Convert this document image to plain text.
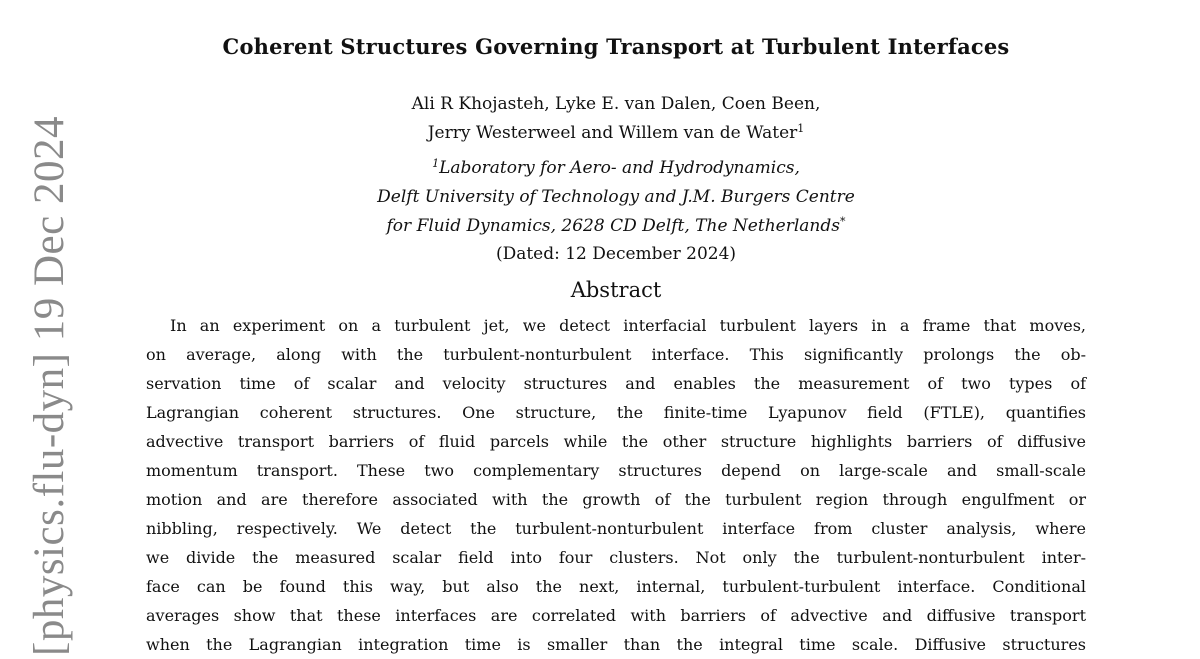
[physics.flu-dyn] 19 Dec 2024
Coherent Structures Governing Transport at Turbulent Interfaces
Ali R Khojasteh, Lyke E. van Dalen, Coen Been,
Jerry Westerweel and Willem van de Water$^1$
$^1$Laboratory for Aero- and Hydrodynamics,
Delft University of Technology and J.M. Burgers Centre
for Fluid Dynamics, 2628 CD Delft, The Netherlands*
(Dated: 12 December 2024)
Abstract
In an experiment on a turbulent jet, we detect interfacial turbulent layers in a frame that moves,
on average, along with the turbulent-nonturbulent interface. This significantly prolongs the ob-
servation time of scalar and velocity structures and enables the measurement of two types of
Lagrangian coherent structures. One structure, the finite-time Lyapunov field (FTLE), quantifies
advective transport barriers of fluid parcels while the other structure highlights barriers of diffusive
momentum transport. These two complementary structures depend on large-scale and small-scale
motion and are therefore associated with the growth of the turbulent region through engulfment or
nibbling, respectively. We detect the turbulent-nonturbulent interface from cluster analysis, where
we divide the measured scalar field into four clusters. Not only the turbulent-nonturbulent inter-
face can be found this way, but also the next, internal, turbulent-turbulent interface. Conditional
averages show that these interfaces are correlated with barriers of advective and diffusive transport
when the Lagrangian integration time is smaller than the integral time scale. Diffusive structures
